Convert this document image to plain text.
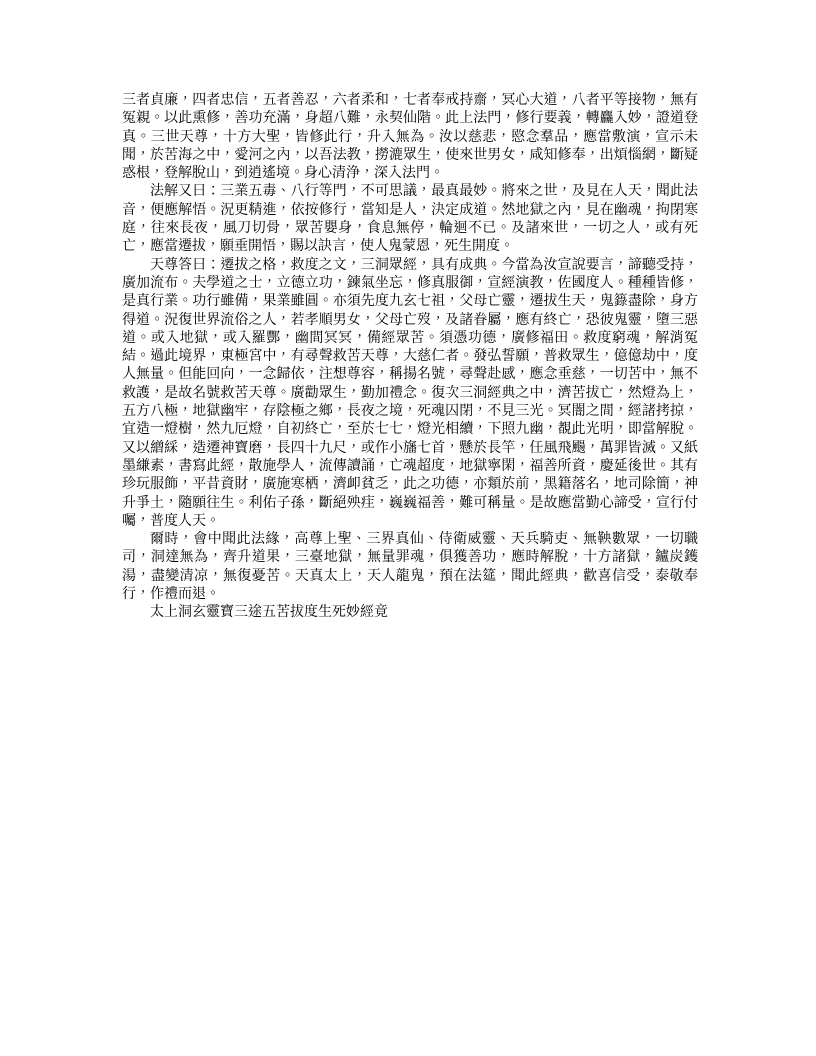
三者貞廉，四者忠信，五者善忍，六者柔和，七者奉戒持齋，冥心大道，八者平等接物，無有冤親。以此熏修，善功充滿，身超八難，永契仙階。此上法門，修行要義，轉麤入妙，證道登真。三世天尊，十方大聖，皆修此行，升入無為。汝以慈悲，愍念羣品，應當敷演，宣示未聞，於苦海之中，愛河之內，以吾法教，撈漉眾生，使來世男女，咸知修奉，出煩惱網，斷疑惑根，登解脫山，到逍遙境。身心清浄，深入法門。

法解又曰：三業五毒、八行等門，不可思議，最真最妙。將來之世，及見在人天，聞此法音，便應解悟。況更精進，依按修行，當知是人，決定成道。然地獄之內，見在幽魂，拘閉寒庭，往來長夜，風刀切骨，眾苦嬰身，食息無停，輪迴不已。及諸來世，一切之人，或有死亡，應當遷拔，願垂開悟，賜以訣言，使人鬼蒙恩，死生開度。

天尊答曰：遷拔之格，救度之文，三洞眾經，具有成典。今當為汝宣說要言，諦聽受持，廣加流布。夫學道之士，立德立功，鍊氣坐忘，修真服御，宣經演教，佐國度人。種種皆修，是真行業。功行雖備，果業雖圓。亦須先度九玄七祖，父母亡靈，遷拔生天，鬼籙盡除，身方得道。況復世界流俗之人，若孝順男女，父母亡歿，及諸眷屬，應有終亡，恐彼鬼靈，墮三惡道。或入地獄，或入羅酆，幽間冥冥，備經眾苦。須憑功德，廣修福田。救度窮魂，解消冤結。過此境界，東極宮中，有尋聲救苦天尊，大慈仁者。發弘誓願，普救眾生，億億劫中，度人無量。但能回向，一念歸依，注想尊容，稱揚名號，尋聲赴感，應念垂慈，一切苦中，無不救護，是故名號救苦天尊。廣勸眾生，勤加禮念。復次三洞經典之中，濟苦拔亡，然燈為上，五方八極，地獄幽牢，存陰極之鄉，長夜之境，死魂囚閉，不見三光。冥闇之間，經諸拷掠，宜造一燈樹，然九厄燈，自初終亡，至於七七，燈光相續，下照九幽，覩此光明，即當解脫。又以繒綵，造遷神寶磨，長四十九尺，或作小旛七首，懸於長竿，任風飛颺，萬罪皆滅。又紙墨縑素，書寫此經，散施學人，流傳讀誦，亡魂超度，地獄寧閑，福善所資，慶延後世。其有珍玩服飾，平昔資財，廣施寒栖，濟卹貧乏，此之功德，亦類於前，黑籍落名，地司除簡，神升爭土，隨願往生。利佑子孫，斷絕殃疰，巍巍福善，難可稱量。是故應當勤心諦受，宣行付囑，普度人天。

爾時，會中聞此法緣，高尊上聖、三界真仙、侍衛威靈、天兵騎吏、無鞅數眾，一切職司，洞達無為，齊升道果，三臺地獄，無量罪魂，俱獲善功，應時解脫，十方諸獄，鑪炭鑊湯，盡變清凉，無復憂苦。天真太上，天人龍鬼，預在法筵，聞此經典，歡喜信受，泰敬奉行，作禮而退。

太上洞玄靈寶三途五苦拔度生死妙經竟
